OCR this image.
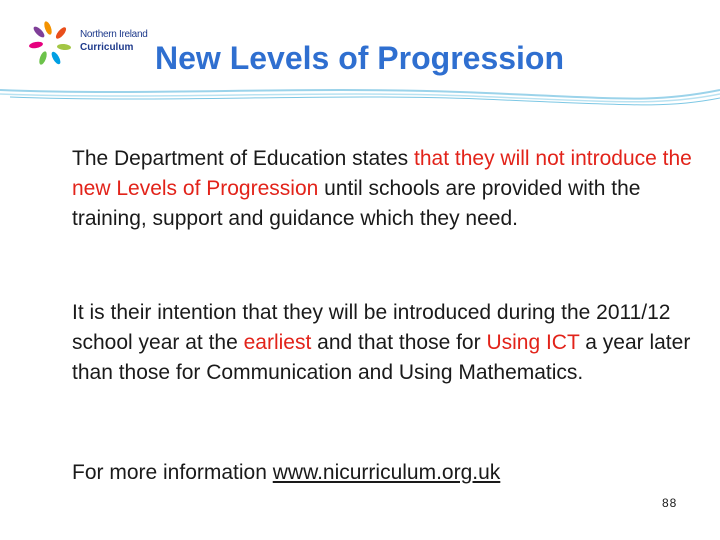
Northern Ireland
Curriculum New Levels of Progression
The Department of Education states that they will not introduce the new Levels of Progression until schools are provided with the training, support and guidance which they need.
It is their intention that they will be introduced during the 2011/12 school year at the earliest and that those for Using ICT a year later than those for Communication and Using Mathematics.
For more information www.nicurriculum.org.uk
88
